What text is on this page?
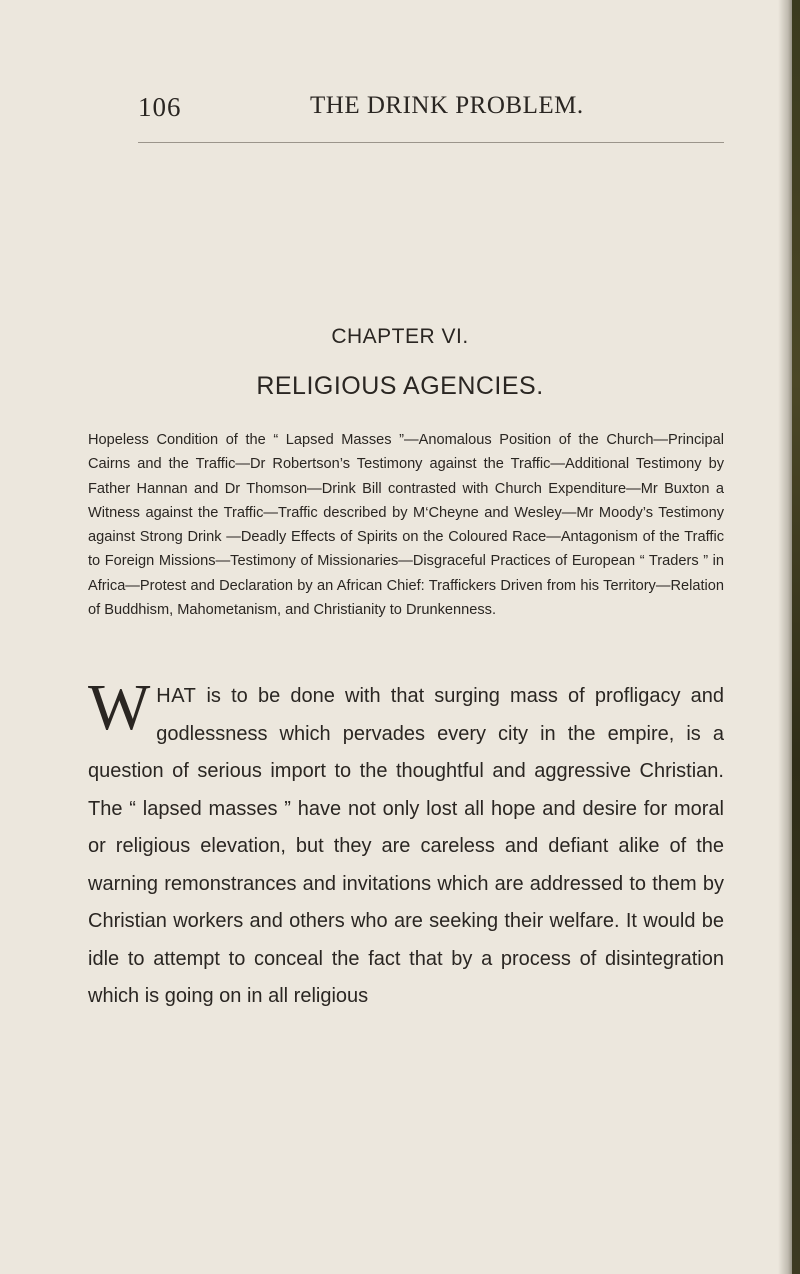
106	THE DRINK PROBLEM.
CHAPTER VI.
RELIGIOUS AGENCIES.
Hopeless Condition of the “ Lapsed Masses ”—Anomalous Position of the Church—Principal Cairns and the Traffic—Dr Robertson’s Testimony against the Traffic—Additional Testimony by Father Hannan and Dr Thomson—Drink Bill contrasted with Church Expenditure—Mr Buxton a Witness against the Traffic—Traffic described by M‘Cheyne and Wesley—Mr Moody’s Testimony against Strong Drink —Deadly Effects of Spirits on the Coloured Race—Antagonism of the Traffic to Foreign Missions—Testimony of Missionaries—Disgraceful Practices of European “ Traders ” in Africa—Protest and Declaration by an African Chief: Traffickers Driven from his Territory—Relation of Buddhism, Mahometanism, and Christianity to Drunkenness.
WHAT is to be done with that surging mass of profligacy and godlessness which pervades every city in the empire, is a question of serious import to the thoughtful and aggressive Christian. The “ lapsed masses ” have not only lost all hope and desire for moral or religious elevation, but they are careless and defiant alike of the warning remonstrances and invitations which are addressed to them by Christian workers and others who are seeking their welfare. It would be idle to attempt to conceal the fact that by a process of disintegration which is going on in all religious
